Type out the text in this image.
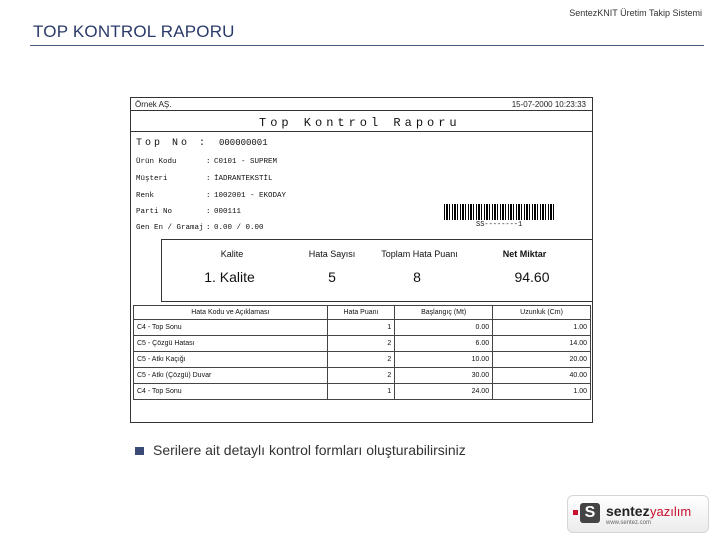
TOP KONTROL RAPORU
SentezKNIT Üretim Takip Sistemi
Örnek AŞ.	15-07-2000 10:23:33
Top Kontrol Raporu
Top No : 000000001
Ürün Kodu	: C0101 - SUPREM
Müşteri	: İADRANTEKSTİL
Renk	: 1002001 - EKODAY
Parti No	: 000111
Gen En / Gramaj : 0.00 / 0.00	SS--------1
Kalite	Hata Sayısı	Toplam Hata Puanı	Net Miktar
1. Kalite	5	8	94.60
Hata Kodu ve Açıklaması	Hata Puanı	Başlangıç (Mt)	Uzunluk (Cm)
C4 - Top Sonu	1	0.00	1.00
C5 - Çözgü Hatası	2	6.00	14.00
C5 - Atkı Kaçığı	2	10.00	20.00
C5 - Atkı (Çözgü) Duvar	2	30.00	40.00
C4 - Top Sonu	1	24.00	1.00
Serilere ait detaylı kontrol formları oluşturabilirsiniz
S sentez yazılım
www.sentez.com
